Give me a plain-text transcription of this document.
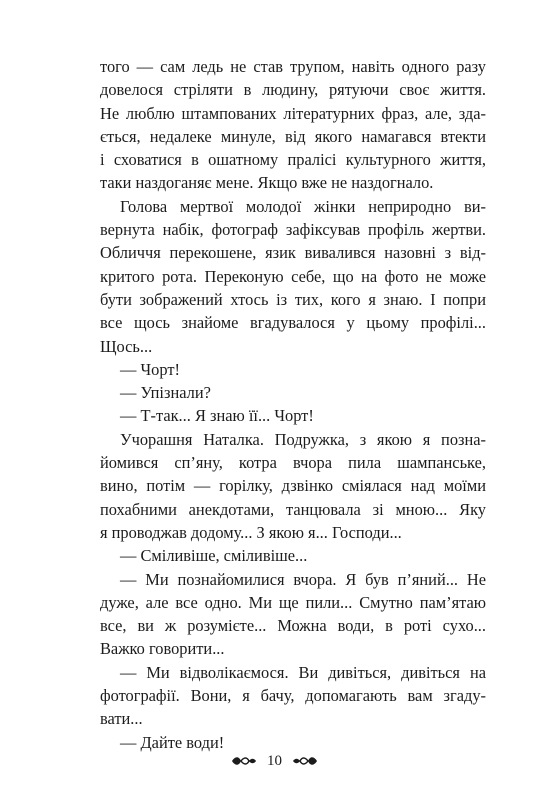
того — сам ледь не став трупом, навіть одного разу
довелося стріляти в людину, рятуючи своє життя.
Не люблю штампованих літературних фраз, але, зда-
ється, недалеке минуле, від якого намагався втекти
і сховатися в ошатному пралісі культурного життя,
таки наздоганяє мене. Якщо вже не наздогнало.
Голова мертвої молодої жінки неприродно ви-
вернута набік, фотограф зафіксував профіль жертви.
Обличчя перекошене, язик вивалився назовні з від-
критого рота. Переконую себе, що на фото не може
бути зображений хтось із тих, кого я знаю. І попри
все щось знайоме вгадувалося у цьому профілі...
Щось...
— Чорт!
— Упізнали?
— Т-так... Я знаю її... Чорт!
Учорашня Наталка. Подружка, з якою я позна-
йомився сп’яну, котра вчора пила шампанське,
вино, потім — горілку, дзвінко сміялася над моїми
похабними анекдотами, танцювала зі мною... Яку
я проводжав додому... З якою я... Господи...
— Сміливіше, сміливіше...
— Ми познайомилися вчора. Я був п’яний... Не
дуже, але все одно. Ми ще пили... Смутно пам’ятаю
все, ви ж розумієте... Можна води, в роті сухо...
Важко говорити...
— Ми відволікаємося. Ви дивіться, дивіться на
фотографії. Вони, я бачу, допомагають вам згаду-
вати...
— Дайте води!
10
